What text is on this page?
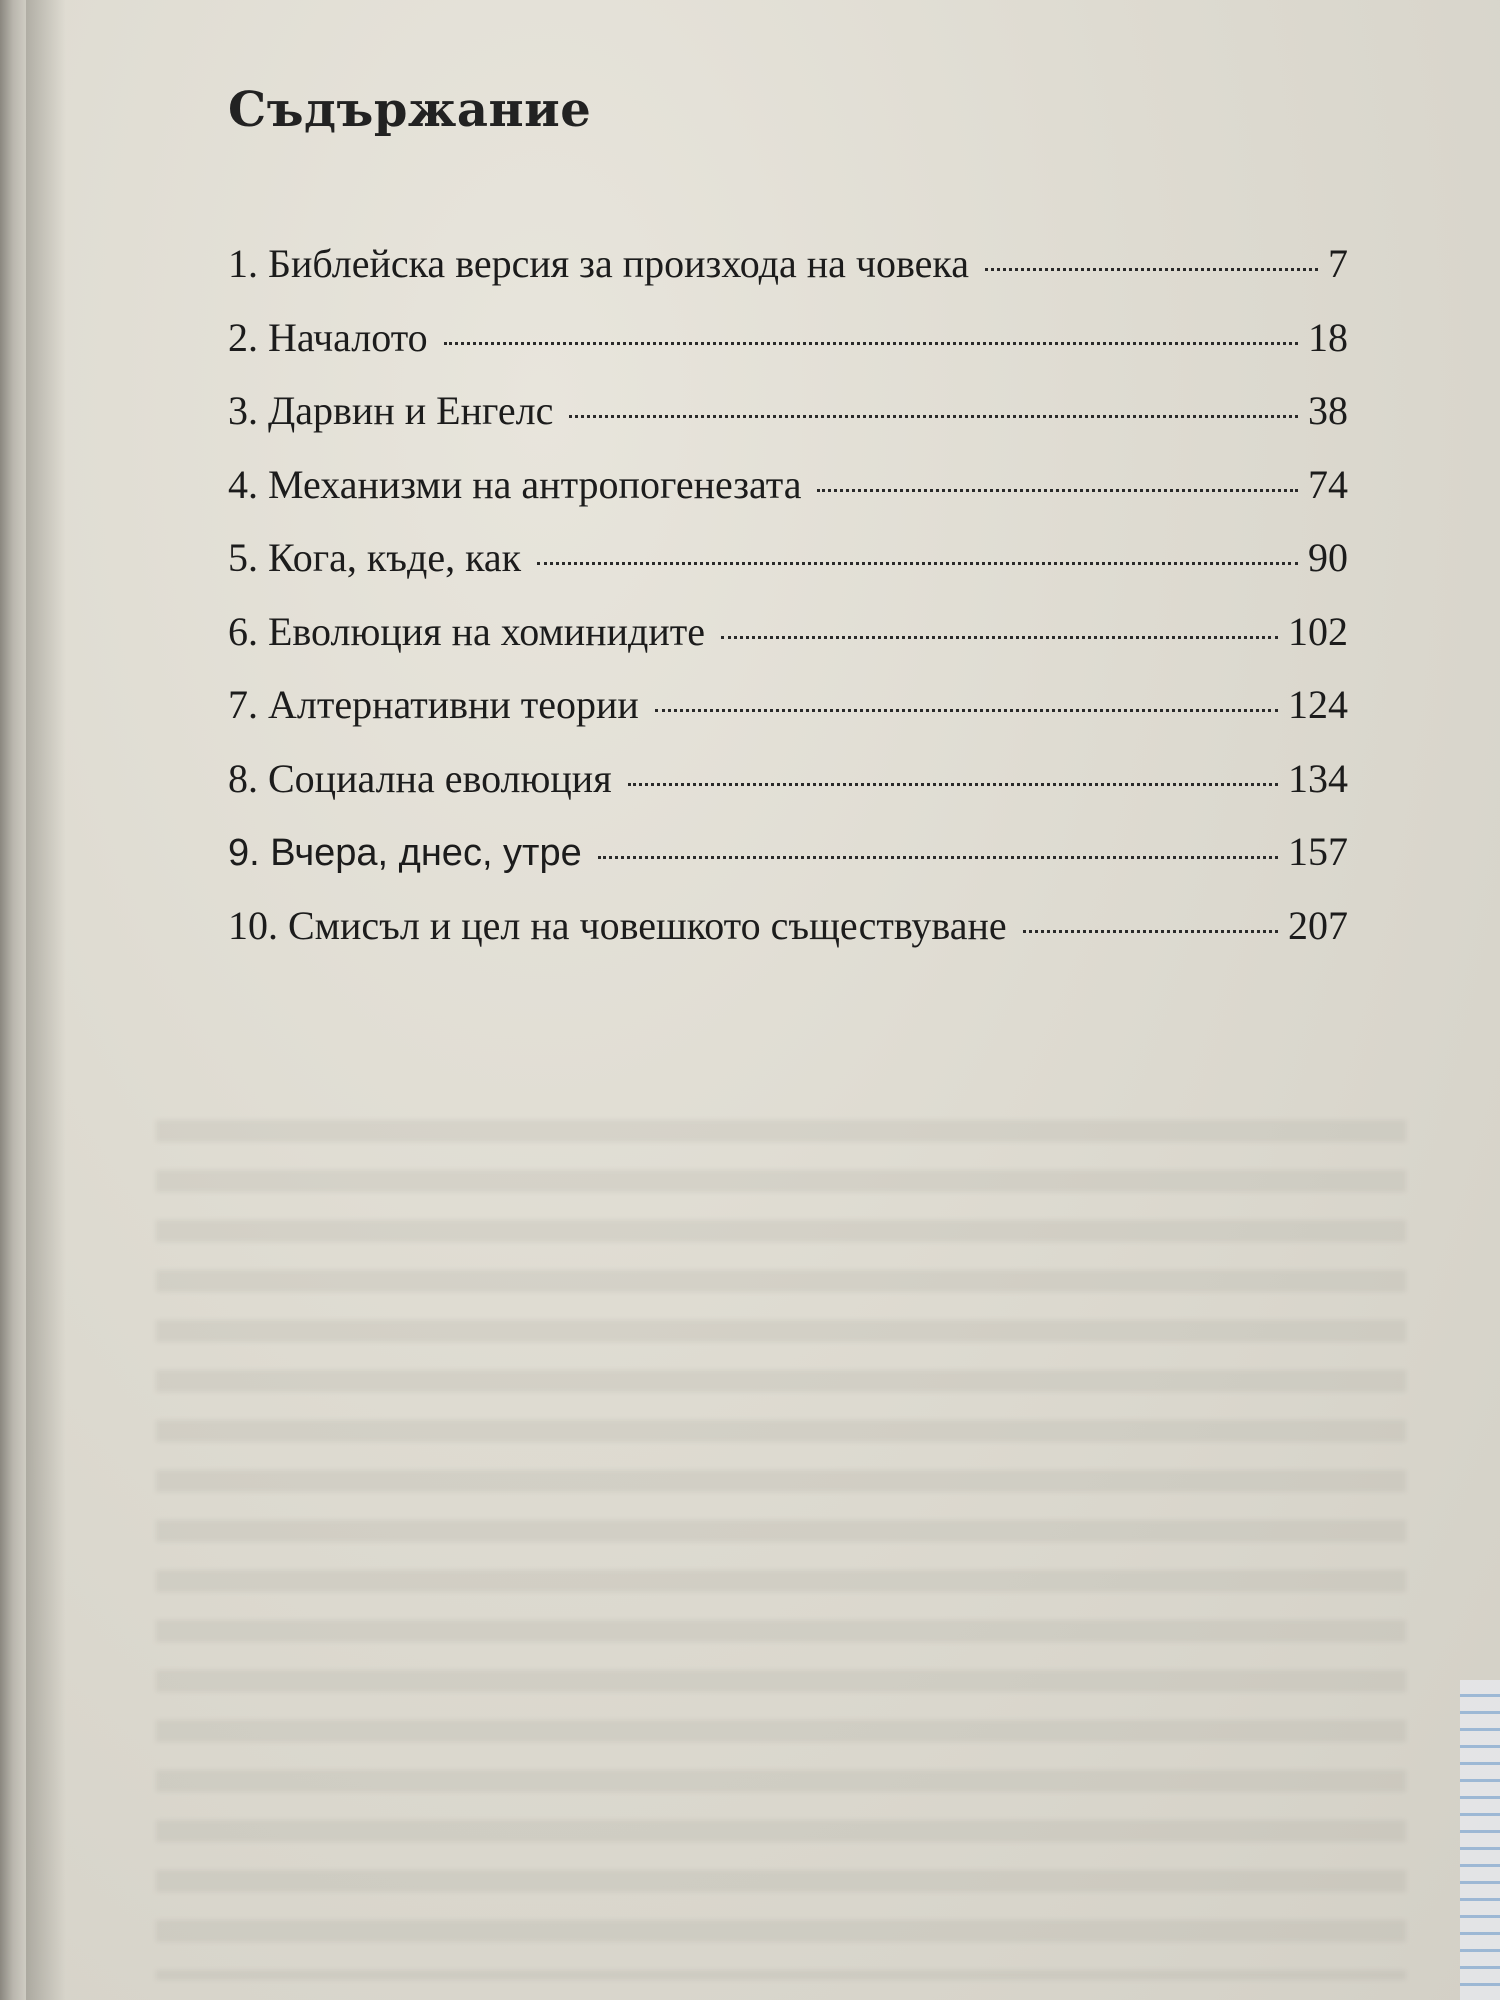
Съдържание
1. Библейска версия за произхода на човека	7
2. Началото	18
3. Дарвин и Енгелс	38
4. Механизми на антропогенезата	74
5. Кога, къде, как	90
6. Еволюция на хоминидите	102
7. Алтернативни теории	124
8. Социална еволюция	134
9. Вчера, днес, утре	157
10. Смисъл и цел на човешкото съществуване	207
